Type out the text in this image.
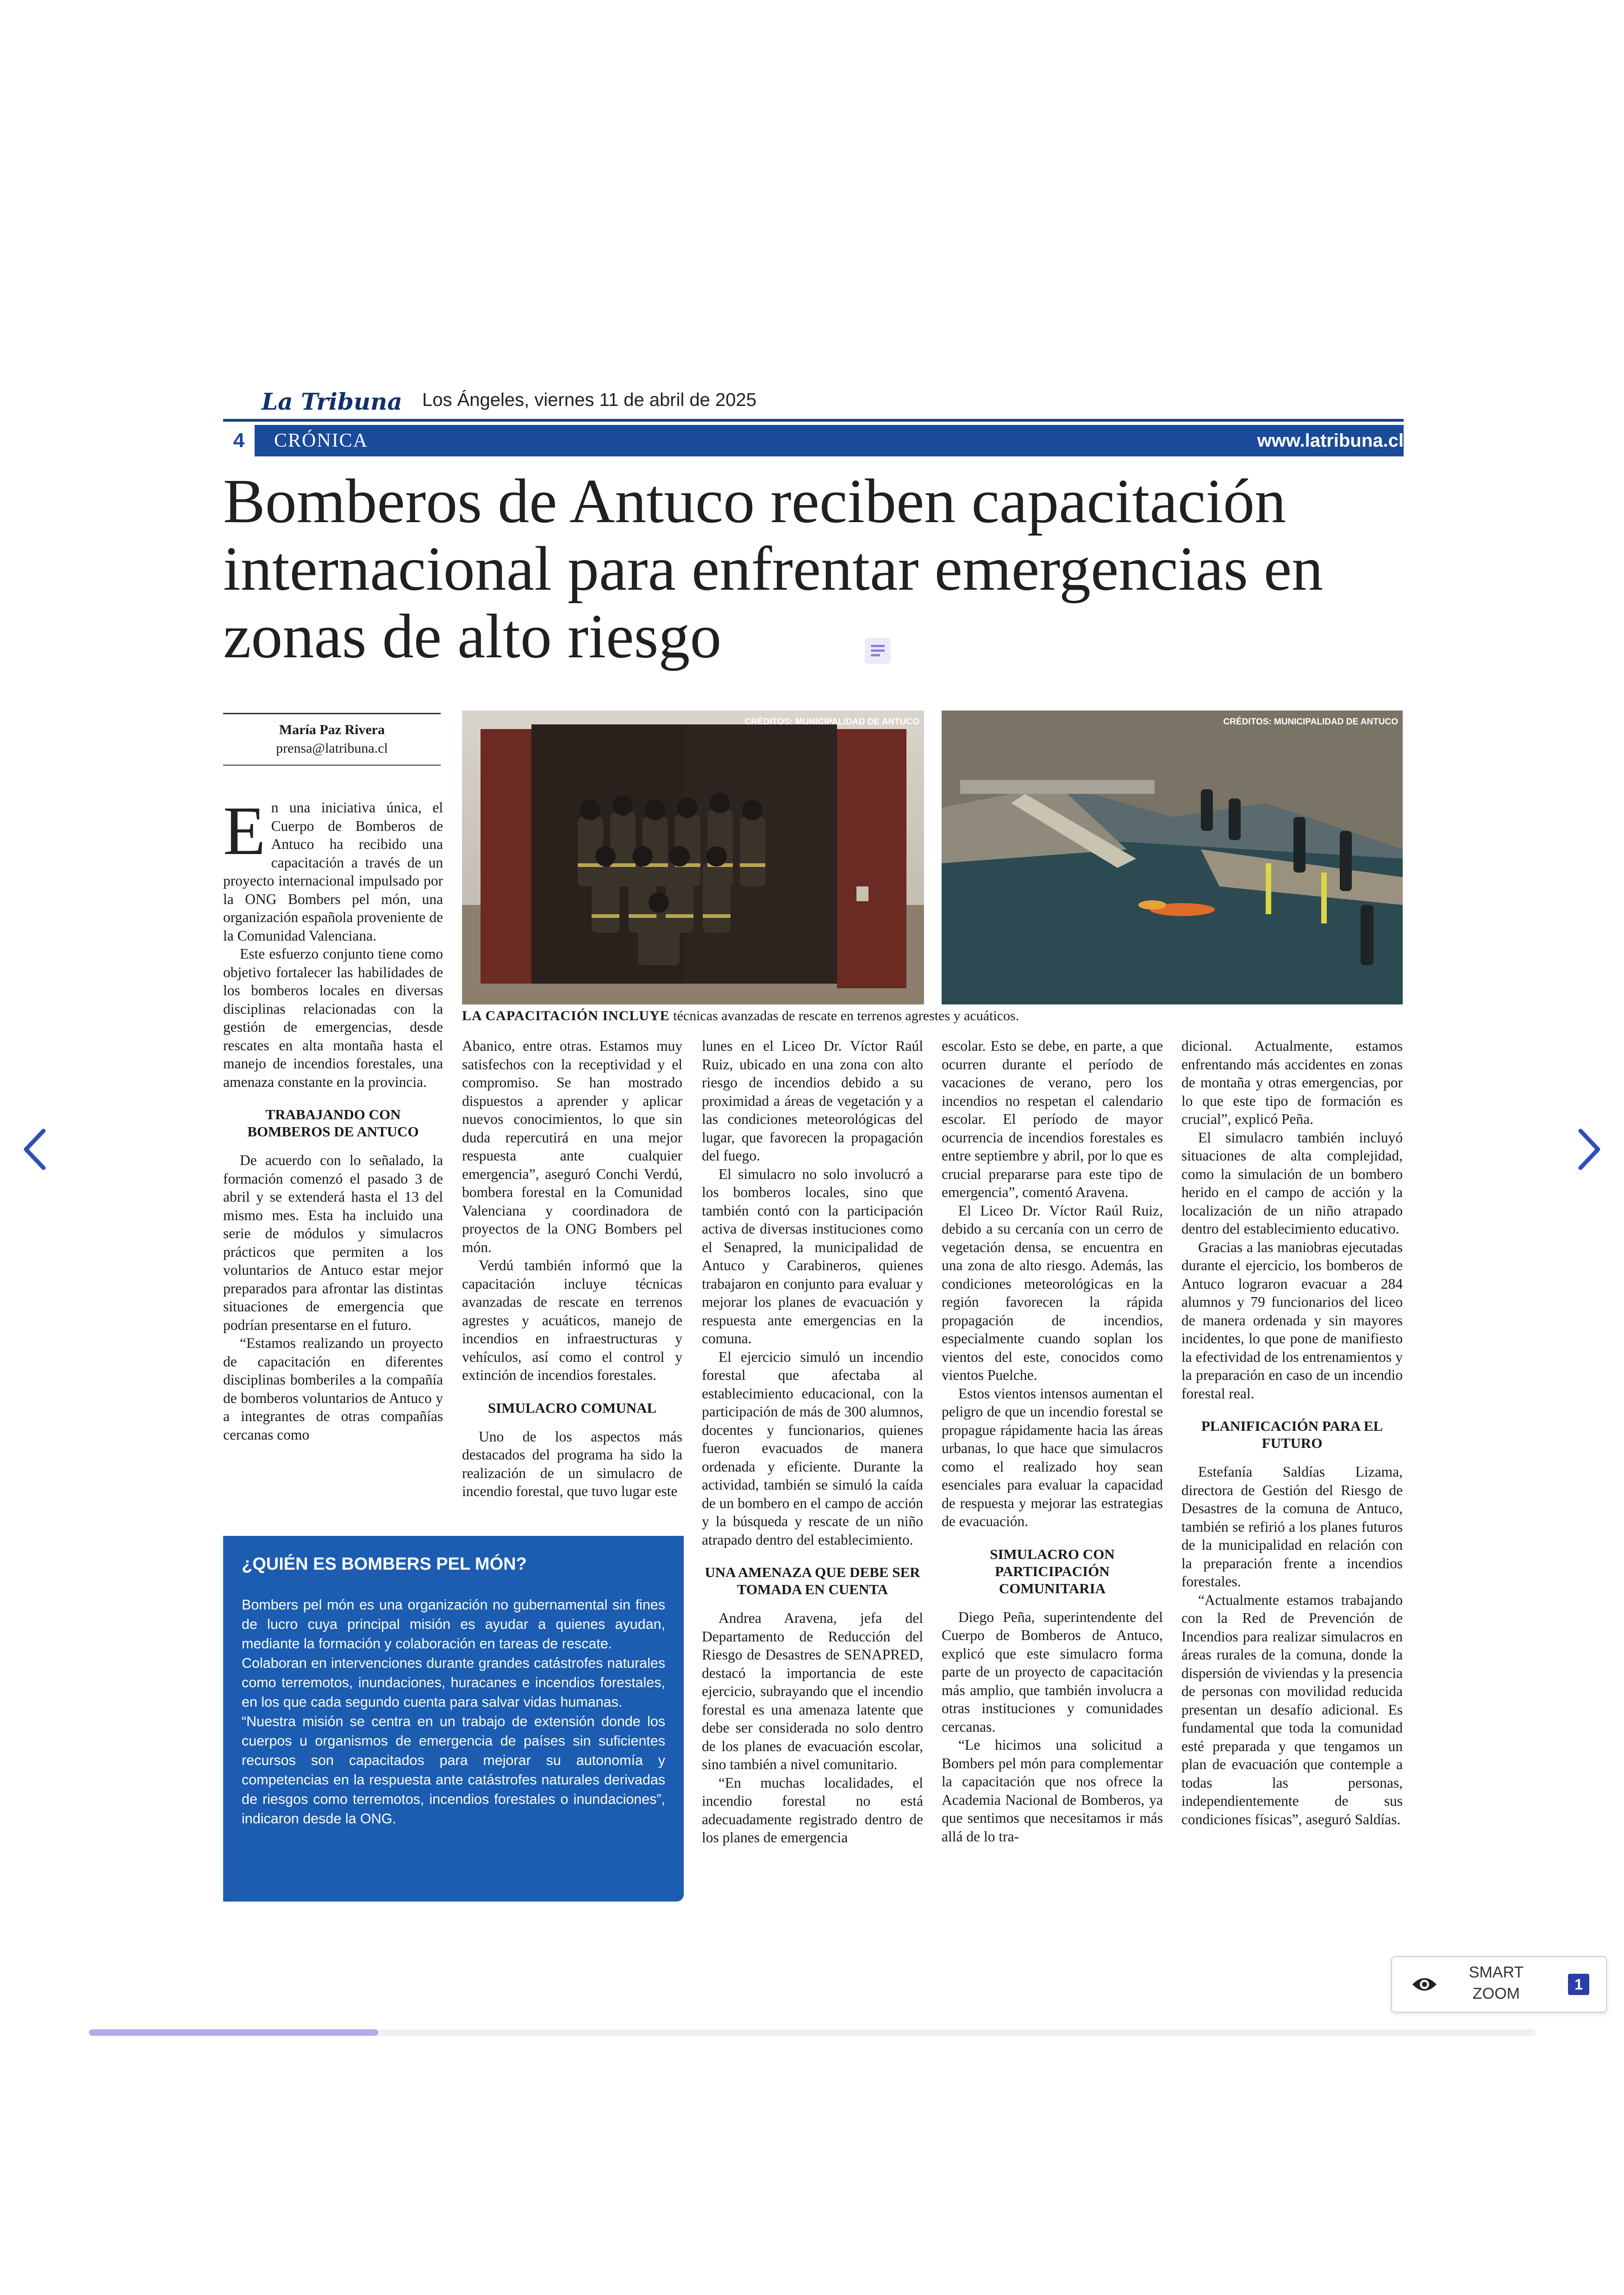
La Tribuna Los Ángeles, viernes 11 de abril de 2025
4	CRÓNICA	www.latribuna.cl
Bomberos de Antuco reciben capacitación internacional para enfrentar emergencias en zonas de alto riesgo
María Paz Rivera
prensa@latribuna.cl
CRÉDITOS: MUNICIPALIDAD DE ANTUCO	CRÉDITOS: MUNICIPALIDAD DE ANTUCO
LA CAPACITACIÓN INCLUYE técnicas avanzadas de rescate en terrenos agrestes y acuáticos.

En una iniciativa única, el Cuerpo de Bomberos de Antuco ha recibido una capacitación a través de un proyecto internacional impulsado por la ONG Bombers pel món, una organización española proveniente de la Comunidad Valenciana.

Este esfuerzo conjunto tiene como objetivo fortalecer las habilidades de los bomberos locales en diversas disciplinas relacionadas con la gestión de emergencias, desde rescates en alta montaña hasta el manejo de incendios forestales, una amenaza constante en la provincia.

TRABAJANDO CON BOMBEROS DE ANTUCO

De acuerdo con lo señalado, la formación comenzó el pasado 3 de abril y se extenderá hasta el 13 del mismo mes. Esta ha incluido una serie de módulos y simulacros prácticos que permiten a los voluntarios de Antuco estar mejor preparados para afrontar las distintas situaciones de emergencia que podrían presentarse en el futuro.

“Estamos realizando un proyecto de capacitación en diferentes disciplinas bomberiles a la compañía de bomberos voluntarios de Antuco y a integrantes de otras compañías cercanas como

¿QUIÉN ES BOMBERS PEL MÓN?

Bombers pel món es una organización no gubernamental sin fines de lucro cuya principal misión es ayudar a quienes ayudan, mediante la formación y colaboración en tareas de rescate.

Colaboran en intervenciones durante grandes catástrofes naturales como terremotos, inundaciones, huracanes e incendios forestales, en los que cada segundo cuenta para salvar vidas humanas.

“Nuestra misión se centra en un trabajo de extensión donde los cuerpos u organismos de emergencia de países sin suficientes recursos son capacitados para mejorar su autonomía y competencias en la respuesta ante catástrofes naturales derivadas de riesgos como terremotos, incendios forestales o inundaciones”, indicaron desde la ONG.

Abanico, entre otras. Estamos muy satisfechos con la receptividad y el compromiso. Se han mostrado dispuestos a aprender y aplicar nuevos conocimientos, lo que sin duda repercutirá en una mejor respuesta ante cualquier emergencia”, aseguró Conchi Verdú, bombera forestal en la Comunidad Valenciana y coordinadora de proyectos de la ONG Bombers pel món.

Verdú también informó que la capacitación incluye técnicas avanzadas de rescate en terrenos agrestes y acuáticos, manejo de incendios en infraestructuras y vehículos, así como el control y extinción de incendios forestales.

SIMULACRO COMUNAL

Uno de los aspectos más destacados del programa ha sido la realización de un simulacro de incendio forestal, que tuvo lugar este

lunes en el Liceo Dr. Víctor Raúl Ruiz, ubicado en una zona con alto riesgo de incendios debido a su proximidad a áreas de vegetación y a las condiciones meteorológicas del lugar, que favorecen la propagación del fuego.

El simulacro no solo involucró a los bomberos locales, sino que también contó con la participación activa de diversas instituciones como el Senapred, la municipalidad de Antuco y Carabineros, quienes trabajaron en conjunto para evaluar y mejorar los planes de evacuación y respuesta ante emergencias en la comuna.

El ejercicio simuló un incendio forestal que afectaba al establecimiento educacional, con la participación de más de 300 alumnos, docentes y funcionarios, quienes fueron evacuados de manera ordenada y eficiente. Durante la actividad, también se simuló la caída de un bombero en el campo de acción y la búsqueda y rescate de un niño atrapado dentro del establecimiento.

UNA AMENAZA QUE DEBE SER TOMADA EN CUENTA

Andrea Aravena, jefa del Departamento de Reducción del Riesgo de Desastres de SENAPRED, destacó la importancia de este ejercicio, subrayando que el incendio forestal es una amenaza latente que debe ser considerada no solo dentro de los planes de evacuación escolar, sino también a nivel comunitario.

“En muchas localidades, el incendio forestal no está adecuadamente registrado dentro de los planes de emergencia

escolar. Esto se debe, en parte, a que ocurren durante el período de vacaciones de verano, pero los incendios no respetan el calendario escolar. El período de mayor ocurrencia de incendios forestales es entre septiembre y abril, por lo que es crucial prepararse para este tipo de emergencia”, comentó Aravena.

El Liceo Dr. Víctor Raúl Ruiz, debido a su cercanía con un cerro de vegetación densa, se encuentra en una zona de alto riesgo. Además, las condiciones meteorológicas en la región favorecen la rápida propagación de incendios, especialmente cuando soplan los vientos del este, conocidos como vientos Puelche.

Estos vientos intensos aumentan el peligro de que un incendio forestal se propague rápidamente hacia las áreas urbanas, lo que hace que simulacros como el realizado hoy sean esenciales para evaluar la capacidad de respuesta y mejorar las estrategias de evacuación.

SIMULACRO CON PARTICIPACIÓN COMUNITARIA

Diego Peña, superintendente del Cuerpo de Bomberos de Antuco, explicó que este simulacro forma parte de un proyecto de capacitación más amplio, que también involucra a otras instituciones y comunidades cercanas.

“Le hicimos una solicitud a Bombers pel món para complementar la capacitación que nos ofrece la Academia Nacional de Bomberos, ya que sentimos que necesitamos ir más allá de lo tra-

dicional. Actualmente, estamos enfrentando más accidentes en zonas de montaña y otras emergencias, por lo que este tipo de formación es crucial”, explicó Peña.

El simulacro también incluyó situaciones de alta complejidad, como la simulación de un bombero herido en el campo de acción y la localización de un niño atrapado dentro del establecimiento educativo.

Gracias a las maniobras ejecutadas durante el ejercicio, los bomberos de Antuco lograron evacuar a 284 alumnos y 79 funcionarios del liceo de manera ordenada y sin mayores incidentes, lo que pone de manifiesto la efectividad de los entrenamientos y la preparación en caso de un incendio forestal real.

PLANIFICACIÓN PARA EL FUTURO

Estefanía Saldías Lizama, directora de Gestión del Riesgo de Desastres de la comuna de Antuco, también se refirió a los planes futuros de la municipalidad en relación con la preparación frente a incendios forestales.

“Actualmente estamos trabajando con la Red de Prevención de Incendios para realizar simulacros en áreas rurales de la comuna, donde la dispersión de viviendas y la presencia de personas con movilidad reducida presentan un desafío adicional. Es fundamental que toda la comunidad esté preparada y que tengamos un plan de evacuación que contemple a todas las personas, independientemente de sus condiciones físicas”, aseguró Saldías.

SMART
ZOOM
1
